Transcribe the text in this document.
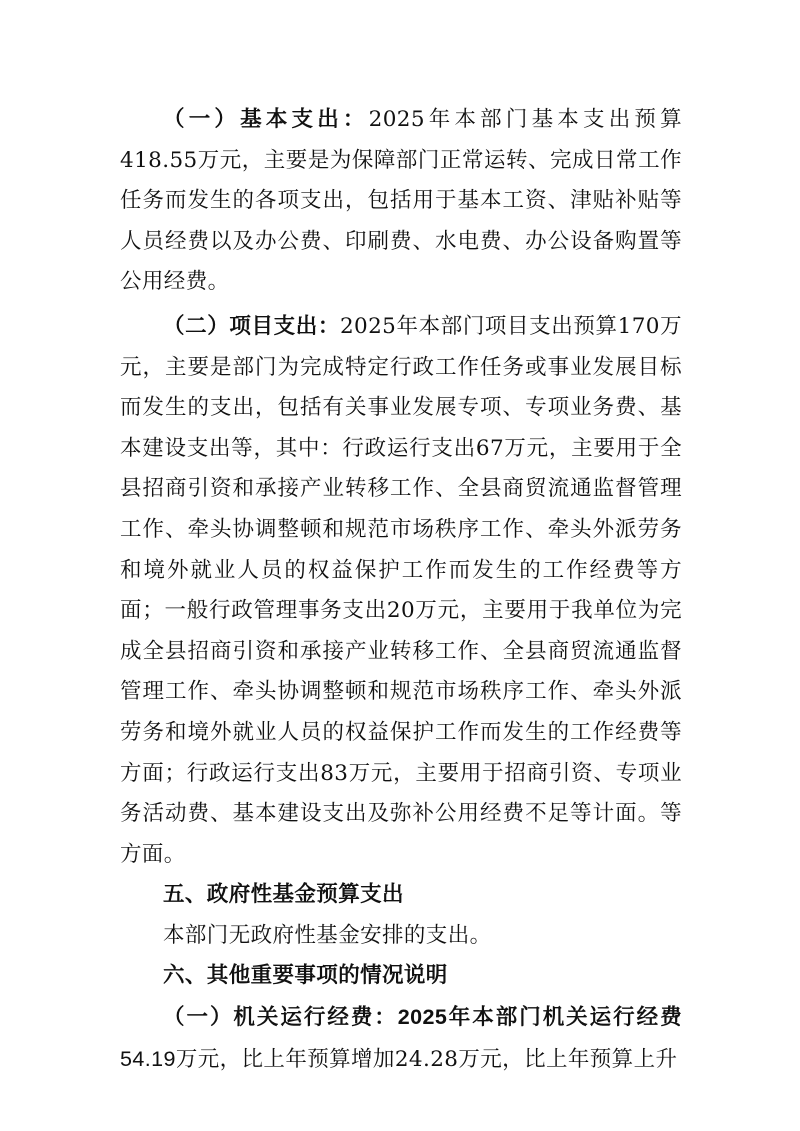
（一）基本支出：2025年本部门基本支出预算418.55万元，主要是为保障部门正常运转、完成日常工作任务而发生的各项支出，包括用于基本工资、津贴补贴等人员经费以及办公费、印刷费、水电费、办公设备购置等公用经费。

（二）项目支出：2025年本部门项目支出预算170万元，主要是部门为完成特定行政工作任务或事业发展目标而发生的支出，包括有关事业发展专项、专项业务费、基本建设支出等，其中：行政运行支出67万元，主要用于全县招商引资和承接产业转移工作、全县商贸流通监督管理工作、牵头协调整顿和规范市场秩序工作、牵头外派劳务和境外就业人员的权益保护工作而发生的工作经费等方面；一般行政管理事务支出20万元，主要用于我单位为完成全县招商引资和承接产业转移工作、全县商贸流通监督管理工作、牵头协调整顿和规范市场秩序工作、牵头外派劳务和境外就业人员的权益保护工作而发生的工作经费等方面；行政运行支出83万元，主要用于招商引资、专项业务活动费、基本建设支出及弥补公用经费不足等计面。等方面。

五、政府性基金预算支出

本部门无政府性基金安排的支出。

六、其他重要事项的情况说明

（一）机关运行经费：2025年本部门机关运行经费54.19万元，比上年预算增加24.28万元，比上年预算上升
